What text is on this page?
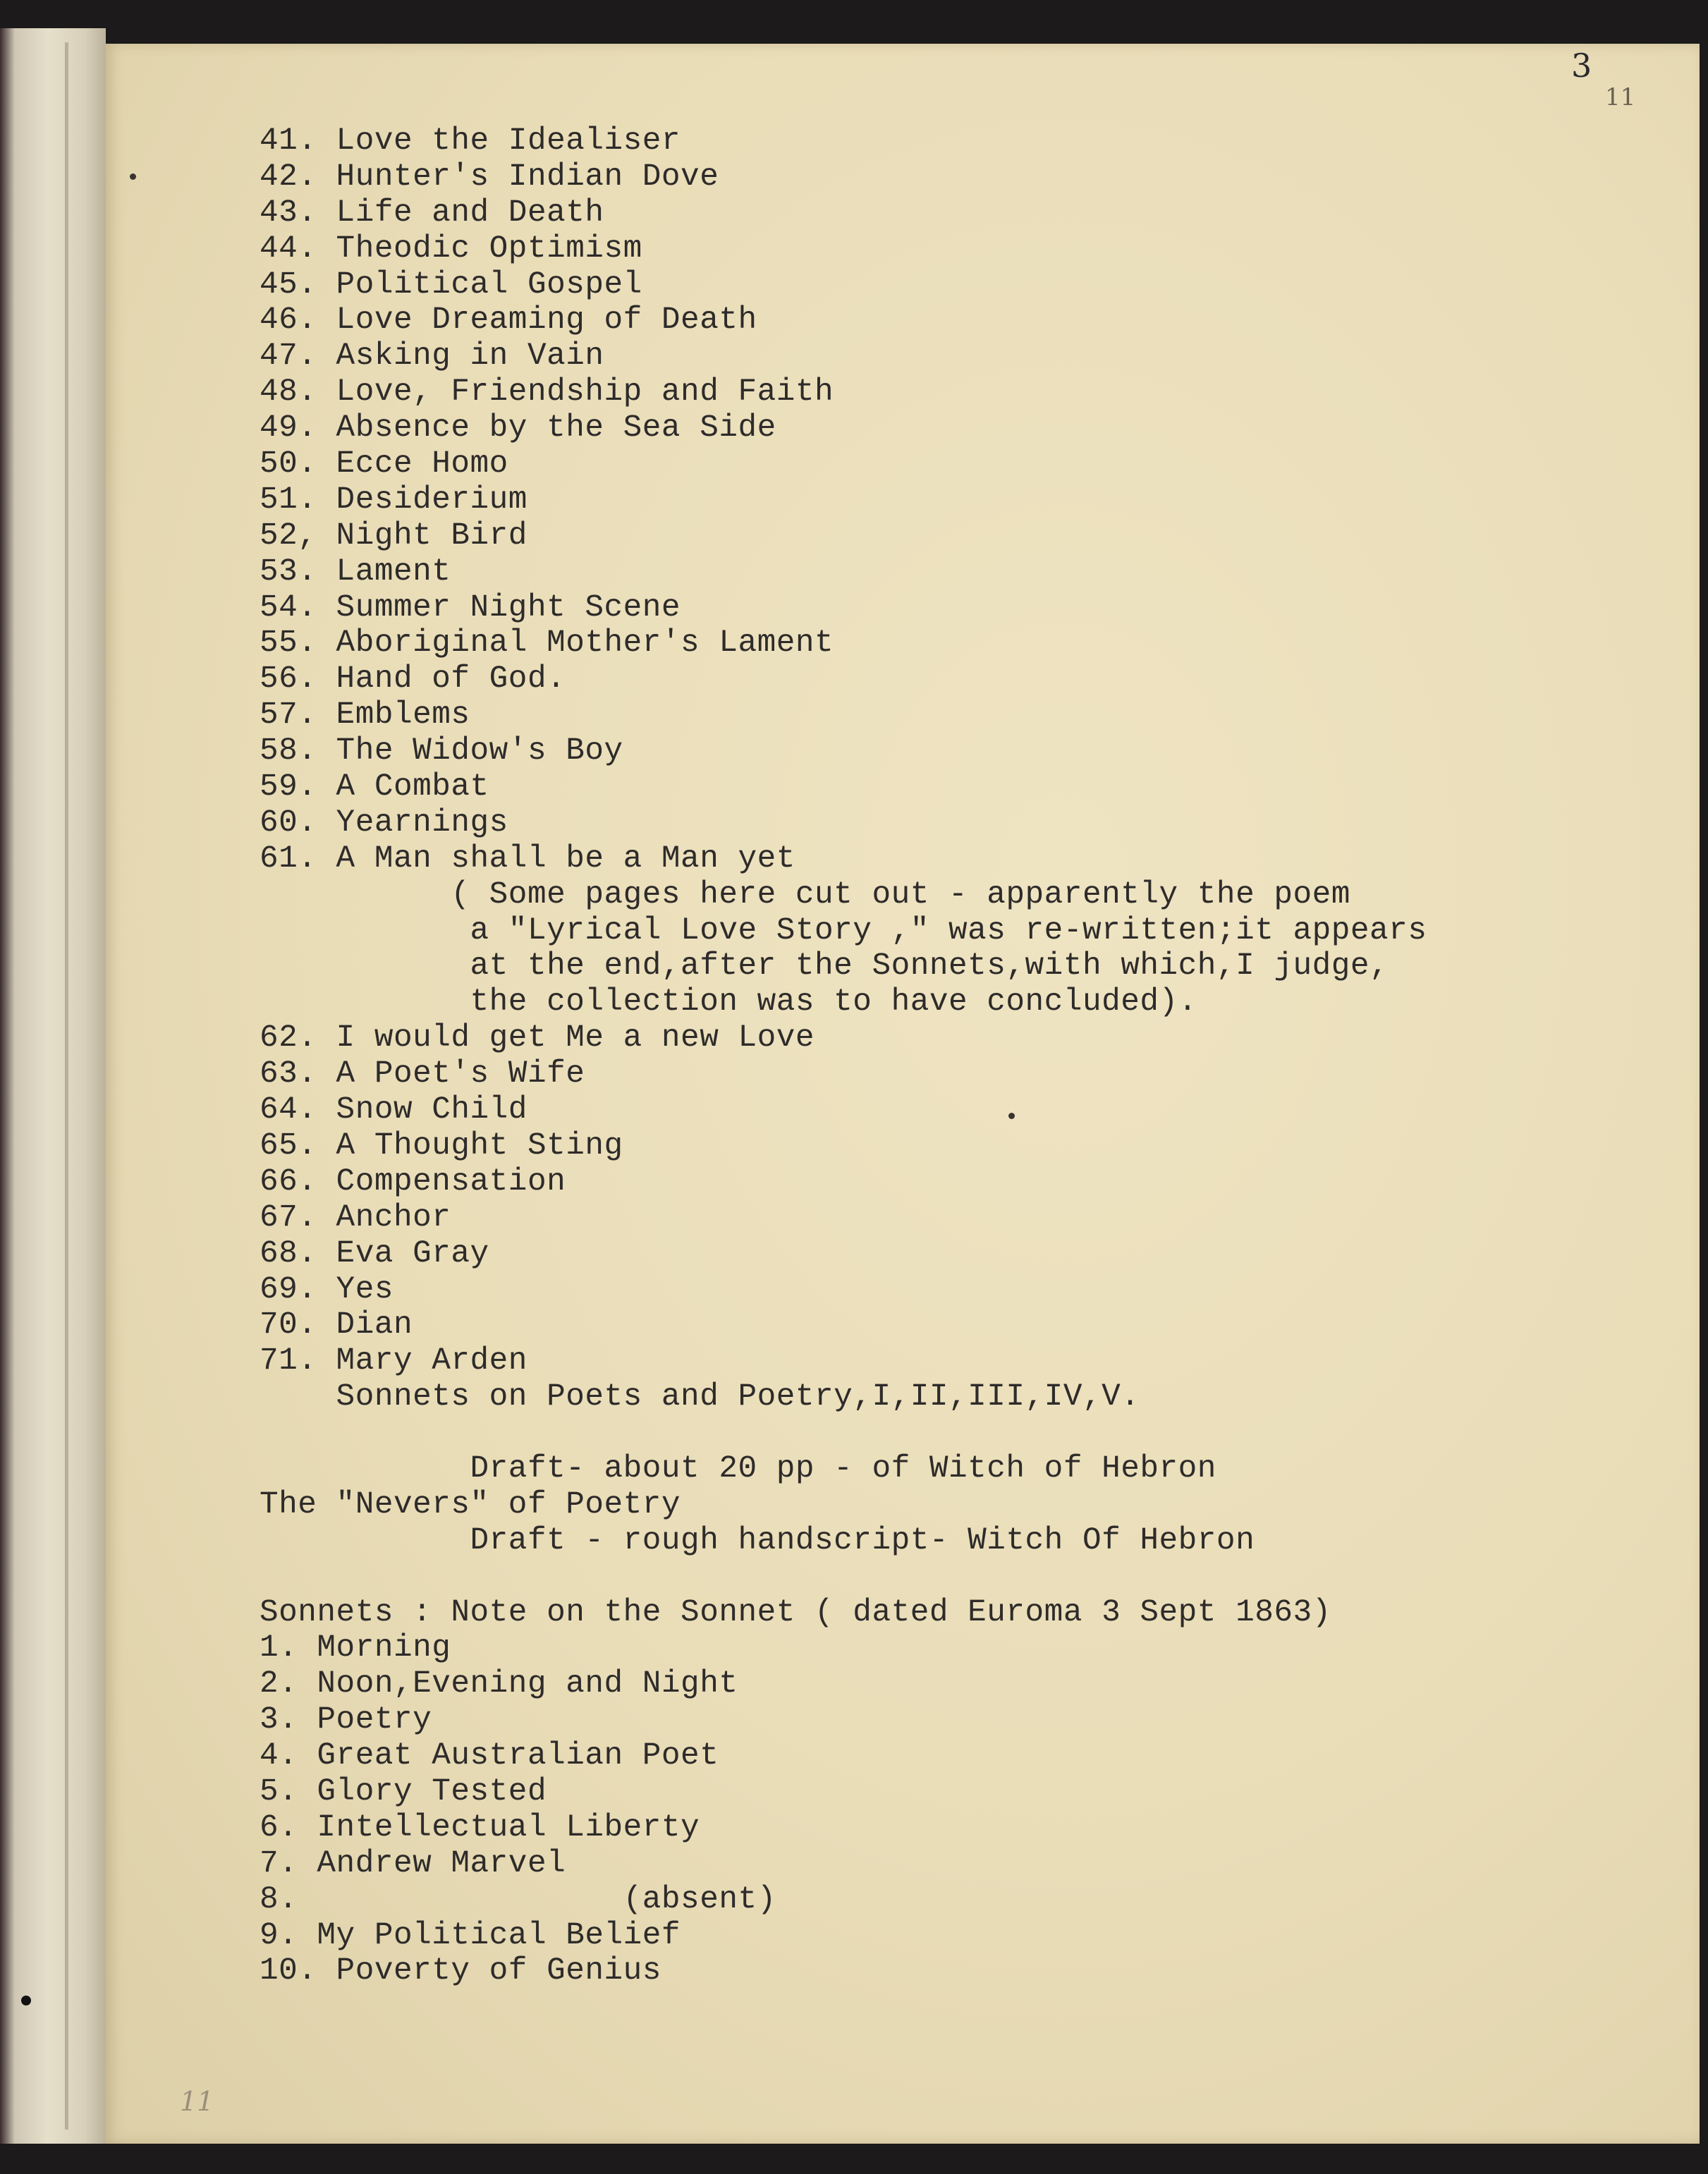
3
11
41. Love the Idealiser
42. Hunter's Indian Dove
43. Life and Death
44. Theodic Optimism
45. Political Gospel
46. Love Dreaming of Death
47. Asking in Vain
48. Love, Friendship and Faith
49. Absence by the Sea Side
50. Ecce Homo
51. Desiderium
52, Night Bird
53. Lament
54. Summer Night Scene
55. Aboriginal Mother's Lament
56. Hand of God.
57. Emblems
58. The Widow's Boy
59. A Combat
60. Yearnings
61. A Man shall be a Man yet
( Some pages here cut out - apparently the poem
a "Lyrical Love Story ," was re-written;it appears
at the end,after the Sonnets,with which,I judge,
the collection was to have concluded).
62. I would get Me a new Love
63. A Poet's Wife
64. Snow Child
65. A Thought Sting
66. Compensation
67. Anchor
68. Eva Gray
69. Yes
70. Dian
71. Mary Arden
Sonnets on Poets and Poetry,I,II,III,IV,V.
Draft- about 20 pp - of Witch of Hebron
The "Nevers" of Poetry
Draft - rough handscript- Witch Of Hebron
Sonnets : Note on the Sonnet ( dated Euroma 3 Sept 1863)
1. Morning
2. Noon,Evening and Night
3. Poetry
4. Great Australian Poet
5. Glory Tested
6. Intellectual Liberty
7. Andrew Marvel
8.                 (absent)
9. My Political Belief
10. Poverty of Genius
11
